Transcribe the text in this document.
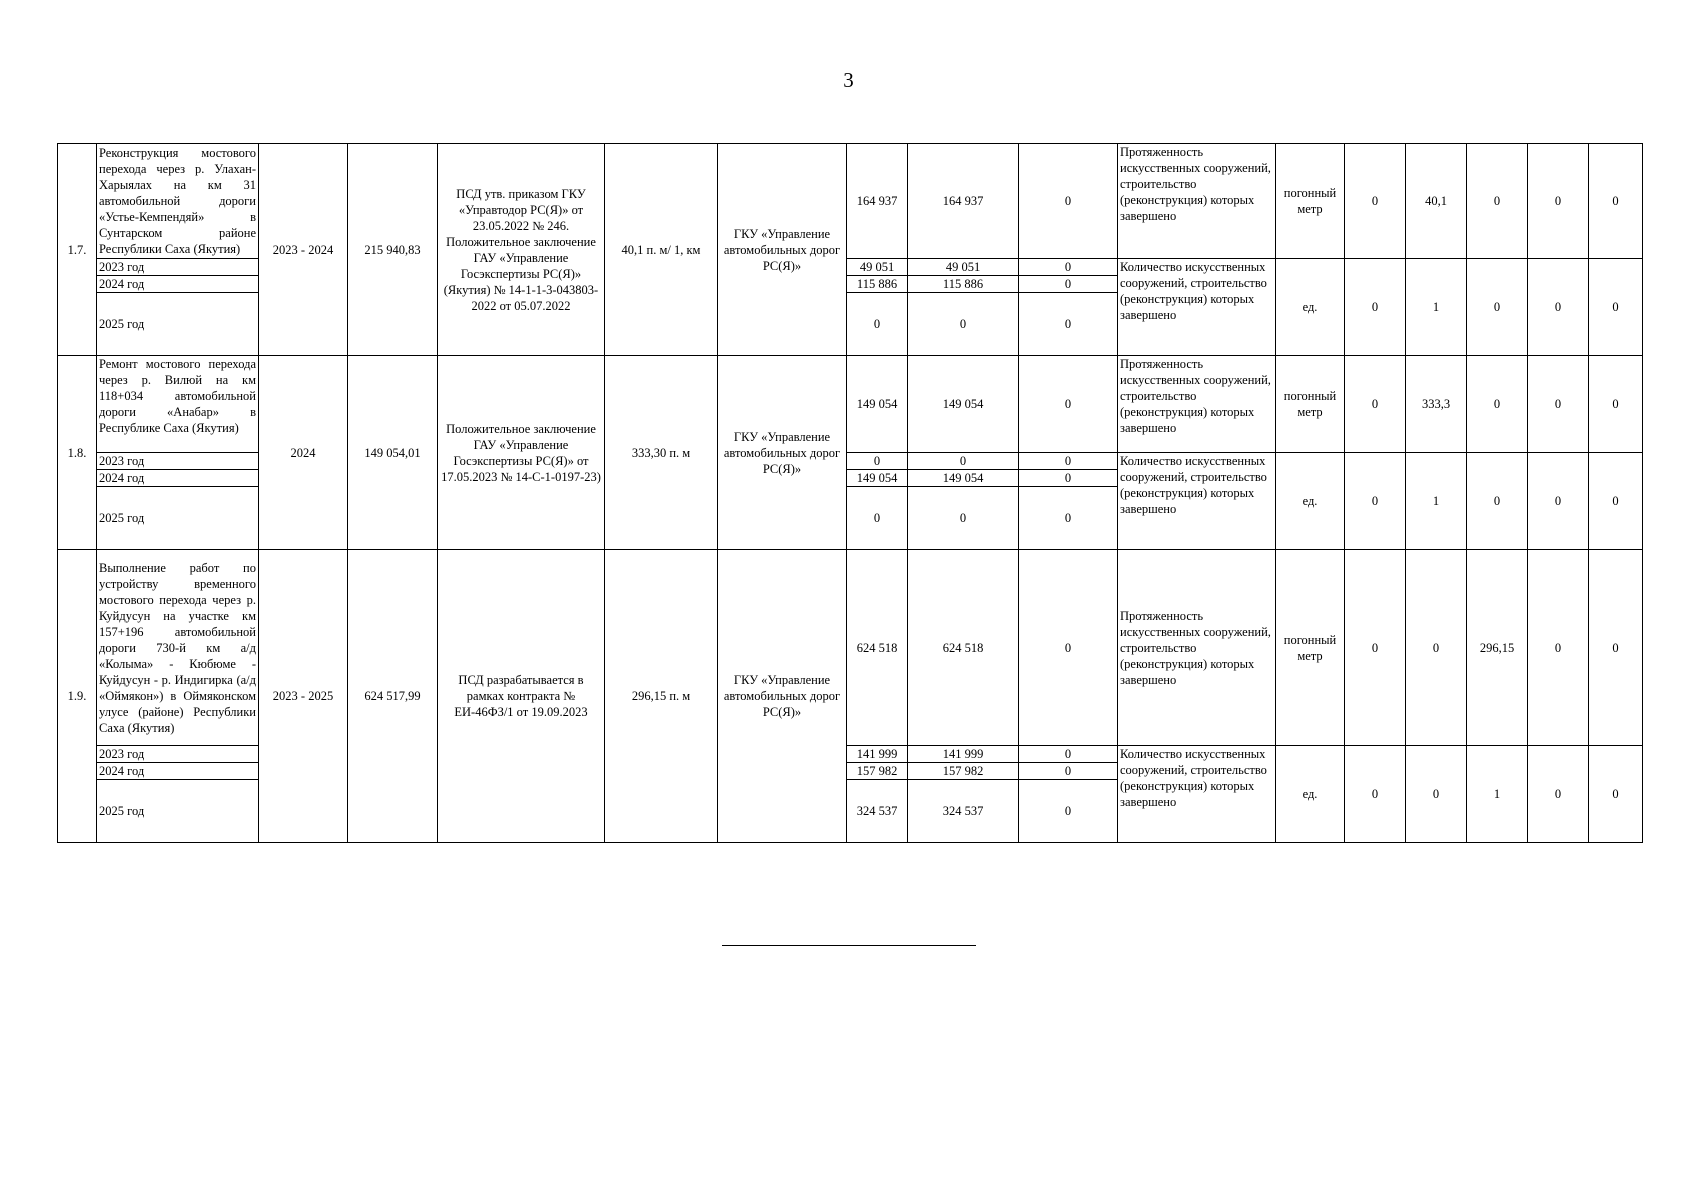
3
1.7.	Реконструкция мостового перехода через р. Улахан-Харыялах на км 31 автомобильной дороги «Устье-Кемпендяй» в Сунтарском районе Республики Саха (Якутия)	2023 - 2024	215 940,83	ПСД утв. приказом ГКУ «Управтодор РС(Я)» от 23.05.2022 № 246. Положительное заключение ГАУ «Управление Госэкспертизы РС(Я)» (Якутия) № 14-1-1-3-043803-2022 от 05.07.2022	40,1 п. м/ 1, км	ГКУ «Управление автомобильных дорог РС(Я)»	164 937	164 937	0	Протяженность искусственных сооружений, строительство (реконструкция) которых завершено	погонный метр	0	40,1	0	0	0
	2023 год						49 051	49 051	0	Количество искусственных сооружений, строительство (реконструкция) которых завершено	ед.	0	1	0	0	0
	2024 год						115 886	115 886	0							
	2025 год						0	0	0							
1.8.	Ремонт мостового перехода через р. Вилюй на км 118+034 автомобильной дороги «Анабар» в Республике Саха (Якутия)	2024	149 054,01	Положительное заключение ГАУ «Управление Госэкспертизы РС(Я)» от 17.05.2023 № 14-С-1-0197-23)	333,30 п. м	ГКУ «Управление автомобильных дорог РС(Я)»	149 054	149 054	0	Протяженность искусственных сооружений, строительство (реконструкция) которых завершено	погонный метр	0	333,3	0	0	0
	2023 год						0	0	0	Количество искусственных сооружений, строительство (реконструкция) которых завершено	ед.	0	1	0	0	0
	2024 год						149 054	149 054	0							
	2025 год						0	0	0							
1.9.	Выполнение работ по устройству временного мостового перехода через р. Куйдусун на участке км 157+196 автомобильной дороги 730-й км а/д «Колыма» - Кюбюме - Куйдусун - р. Индигирка (а/д «Оймякон») в Оймяконском улусе (районе) Республики Саха (Якутия)	2023 - 2025	624 517,99	ПСД разрабатывается в рамках контракта № ЕИ-46ФЗ/1 от 19.09.2023	296,15 п. м	ГКУ «Управление автомобильных дорог РС(Я)»	624 518	624 518	0	Протяженность искусственных сооружений, строительство (реконструкция) которых завершено	погонный метр	0	0	296,15	0	0
	2023 год						141 999	141 999	0	Количество искусственных сооружений, строительство (реконструкция) которых завершено	ед.	0	0	1	0	0
	2024 год						157 982	157 982	0							
	2025 год						324 537	324 537	0							
